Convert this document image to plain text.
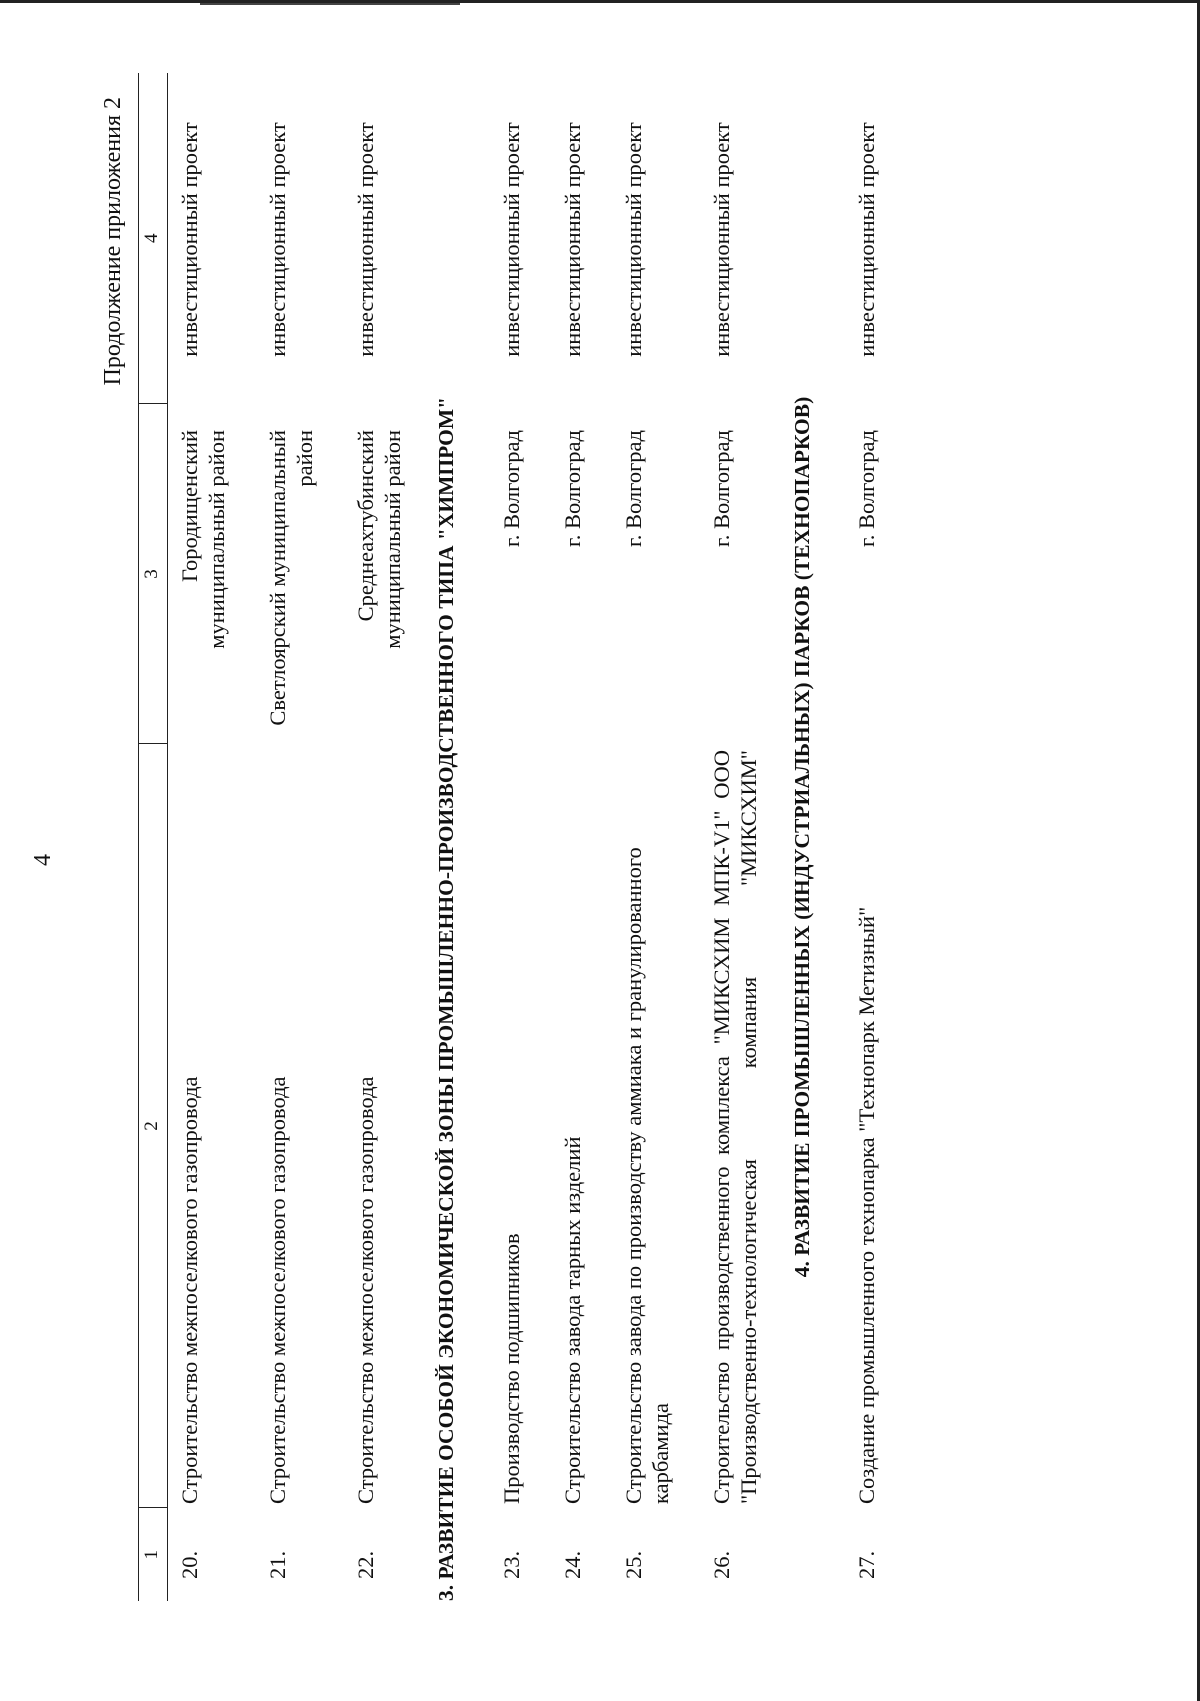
4
Продолжение приложения 2
1	2	3	4
20.	Строительство межпоселкового газопровода	Городищенский муниципальный район	инвестиционный проект
21.	Строительство межпоселкового газопровода	Светлоярский муниципальный район	инвестиционный проект
22.	Строительство межпоселкового газопровода	Среднеахтубинский муниципальный район	инвестиционный проект
3. РАЗВИТИЕ ОСОБОЙ ЭКОНОМИЧЕСКОЙ ЗОНЫ ПРОМЫШЛЕННО-ПРОИЗВОДСТВЕННОГО ТИПА "ХИМПРОМ"			
23.	Производство подшипников	г. Волгоград	инвестиционный проект
24.	Строительство завода тарных изделий	г. Волгоград	инвестиционный проект
25.	Строительство завода по производству аммиака и гранулированного карбамида	г. Волгоград	инвестиционный проект
26.	Строительство производственного комплекса "МИКСХИМ МПК-V1" ООО "Производственно-технологическая компания "МИКСХИМ"	г. Волгоград	инвестиционный проект
4. РАЗВИТИЕ ПРОМЫШЛЕННЫХ (ИНДУСТРИАЛЬНЫХ) ПАРКОВ (ТЕХНОПАРКОВ)			
27.	Создание промышленного технопарка "Технопарк Метизный"	г. Волгоград	инвестиционный проект
